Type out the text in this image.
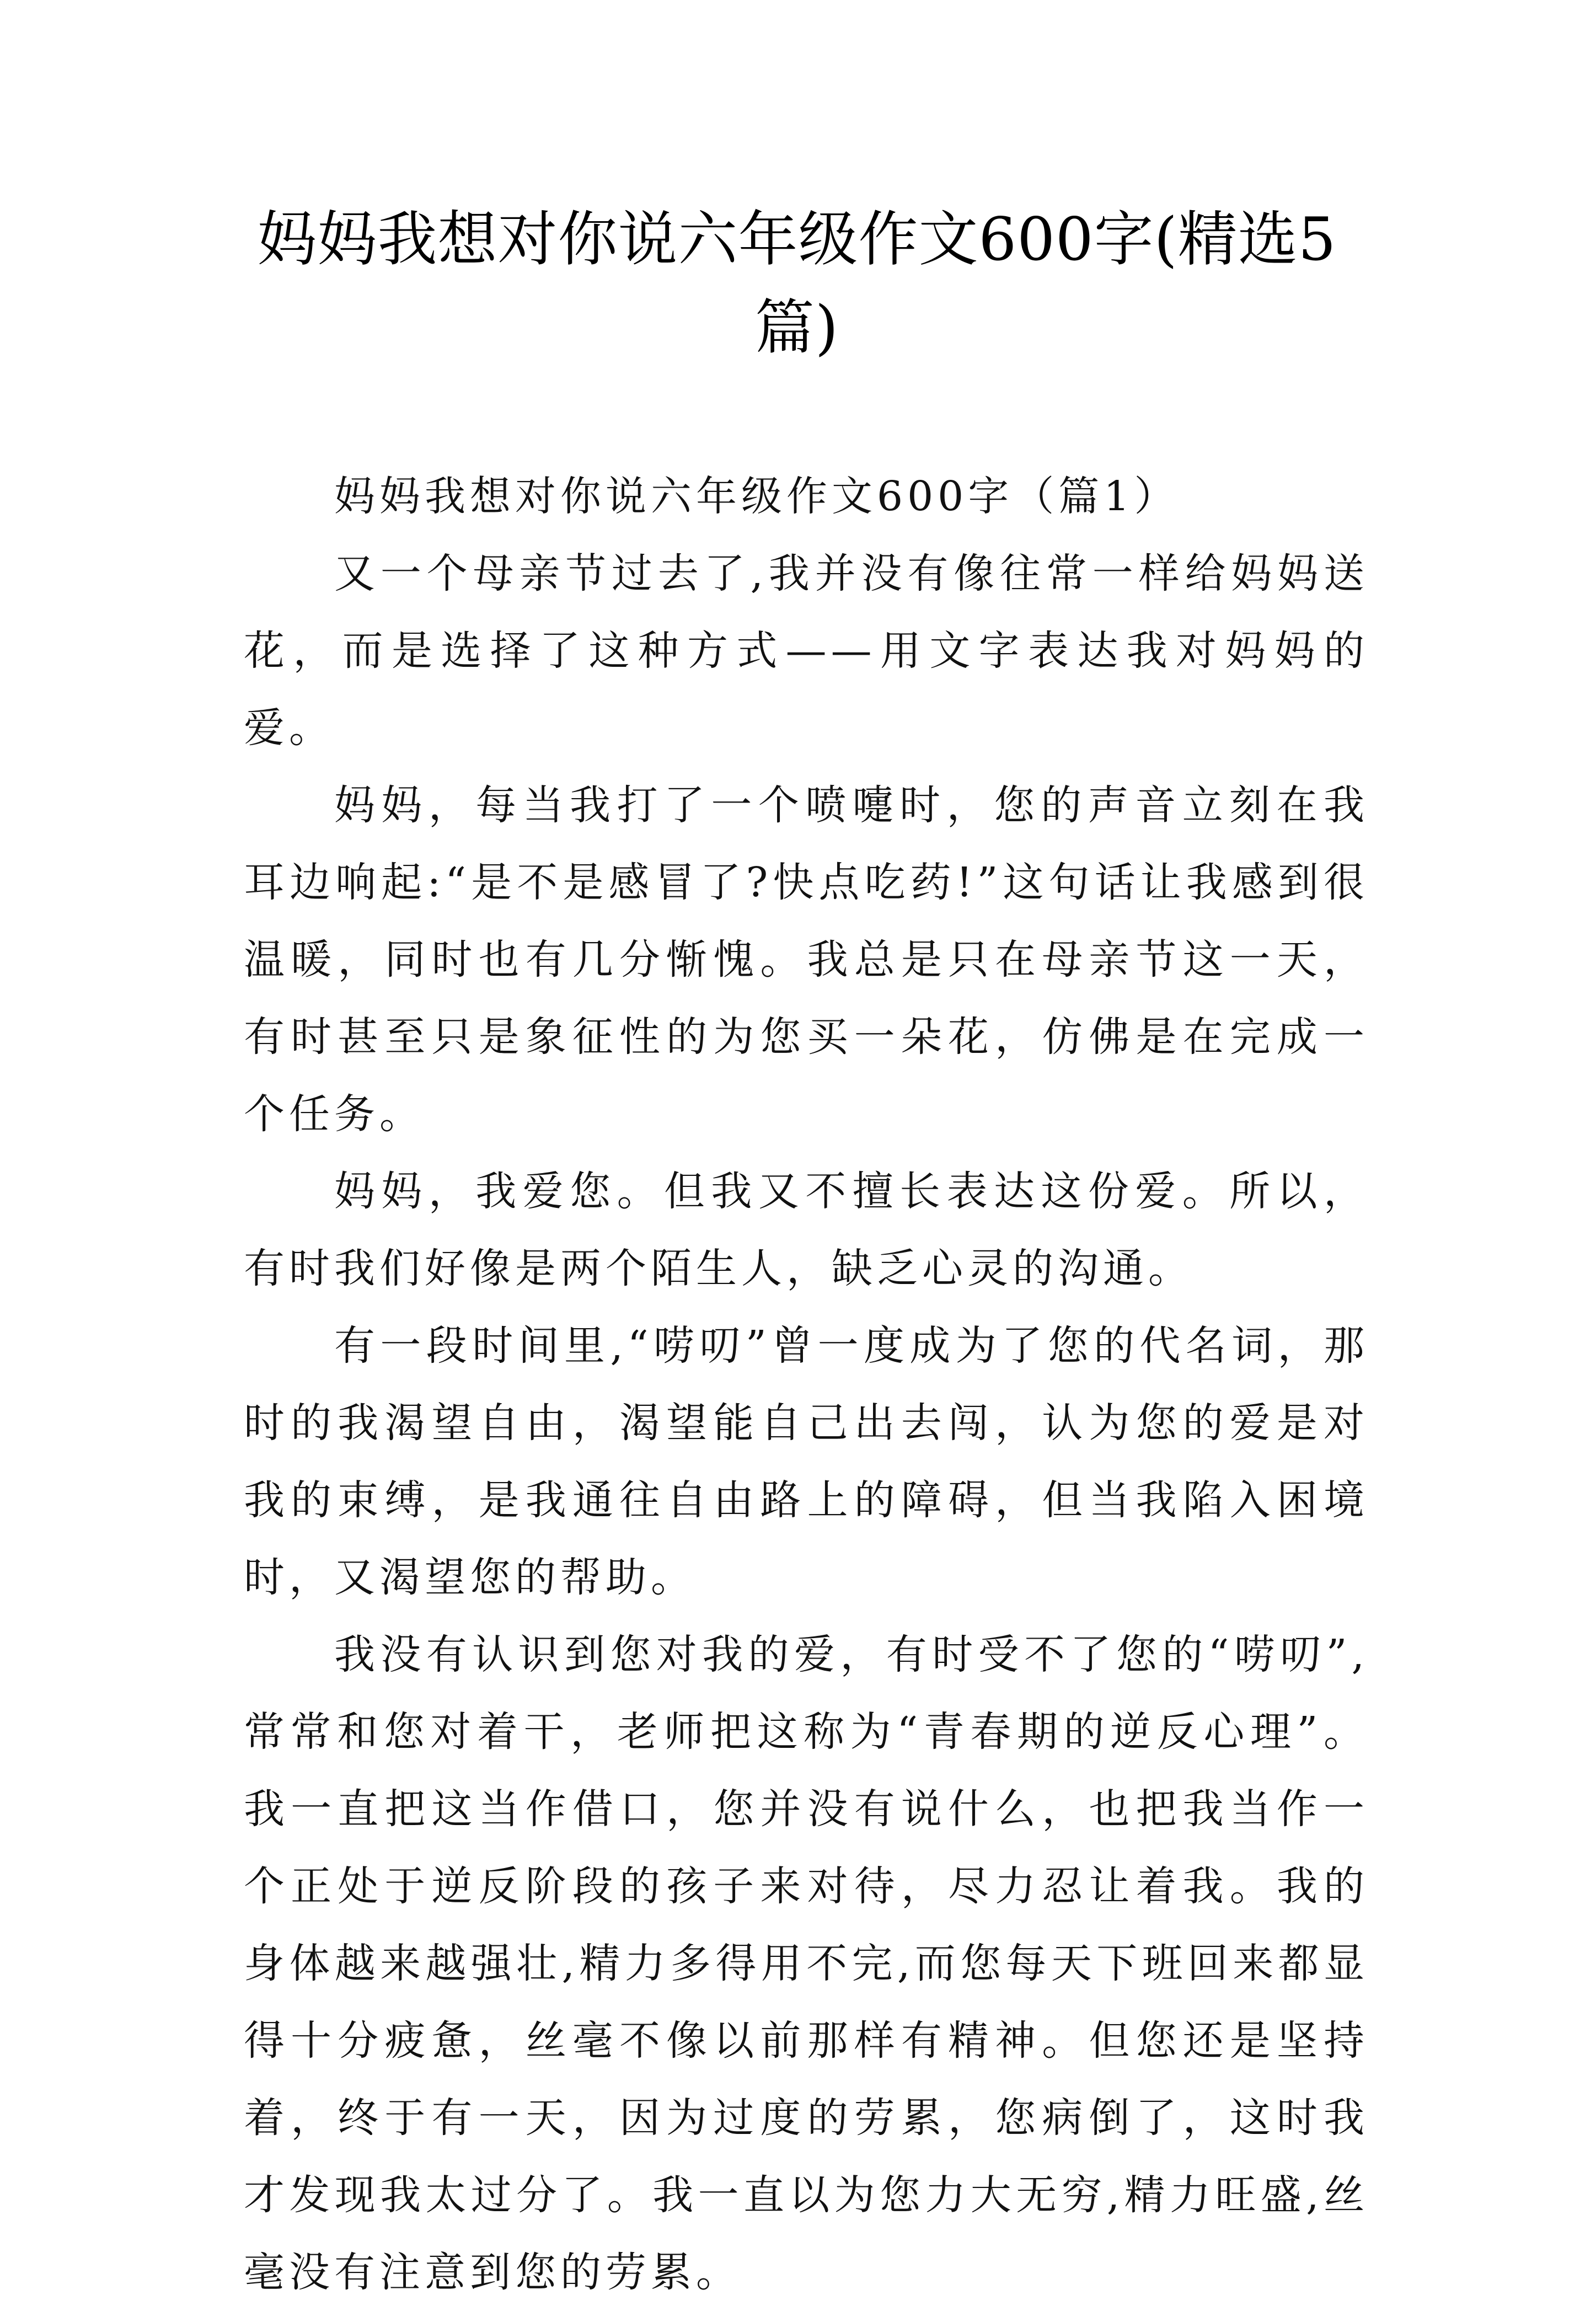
妈妈我想对你说六年级作文600字(精选5篇)

妈妈我想对你说六年级作文600字（篇1）

又一个母亲节过去了,我并没有像往常一样给妈妈送花，而是选择了这种方式——用文字表达我对妈妈的爱。

妈妈，每当我打了一个喷嚏时，您的声音立刻在我耳边响起:“是不是感冒了?快点吃药!”这句话让我感到很温暖，同时也有几分惭愧。我总是只在母亲节这一天，有时甚至只是象征性的为您买一朵花，仿佛是在完成一个任务。

妈妈，我爱您。但我又不擅长表达这份爱。所以，有时我们好像是两个陌生人，缺乏心灵的沟通。

有一段时间里,“唠叨”曾一度成为了您的代名词，那时的我渴望自由，渴望能自己出去闯，认为您的爱是对我的束缚，是我通往自由路上的障碍，但当我陷入困境时，又渴望您的帮助。

我没有认识到您对我的爱，有时受不了您的“唠叨”,常常和您对着干，老师把这称为“青春期的逆反心理”。我一直把这当作借口，您并没有说什么，也把我当作一个正处于逆反阶段的孩子来对待，尽力忍让着我。我的身体越来越强壮,精力多得用不完,而您每天下班回来都显得十分疲惫，丝毫不像以前那样有精神。但您还是坚持着，终于有一天，因为过度的劳累，您病倒了，这时我才发现我太过分了。我一直以为您力大无穷,精力旺盛,丝毫没有注意到您的劳累。
